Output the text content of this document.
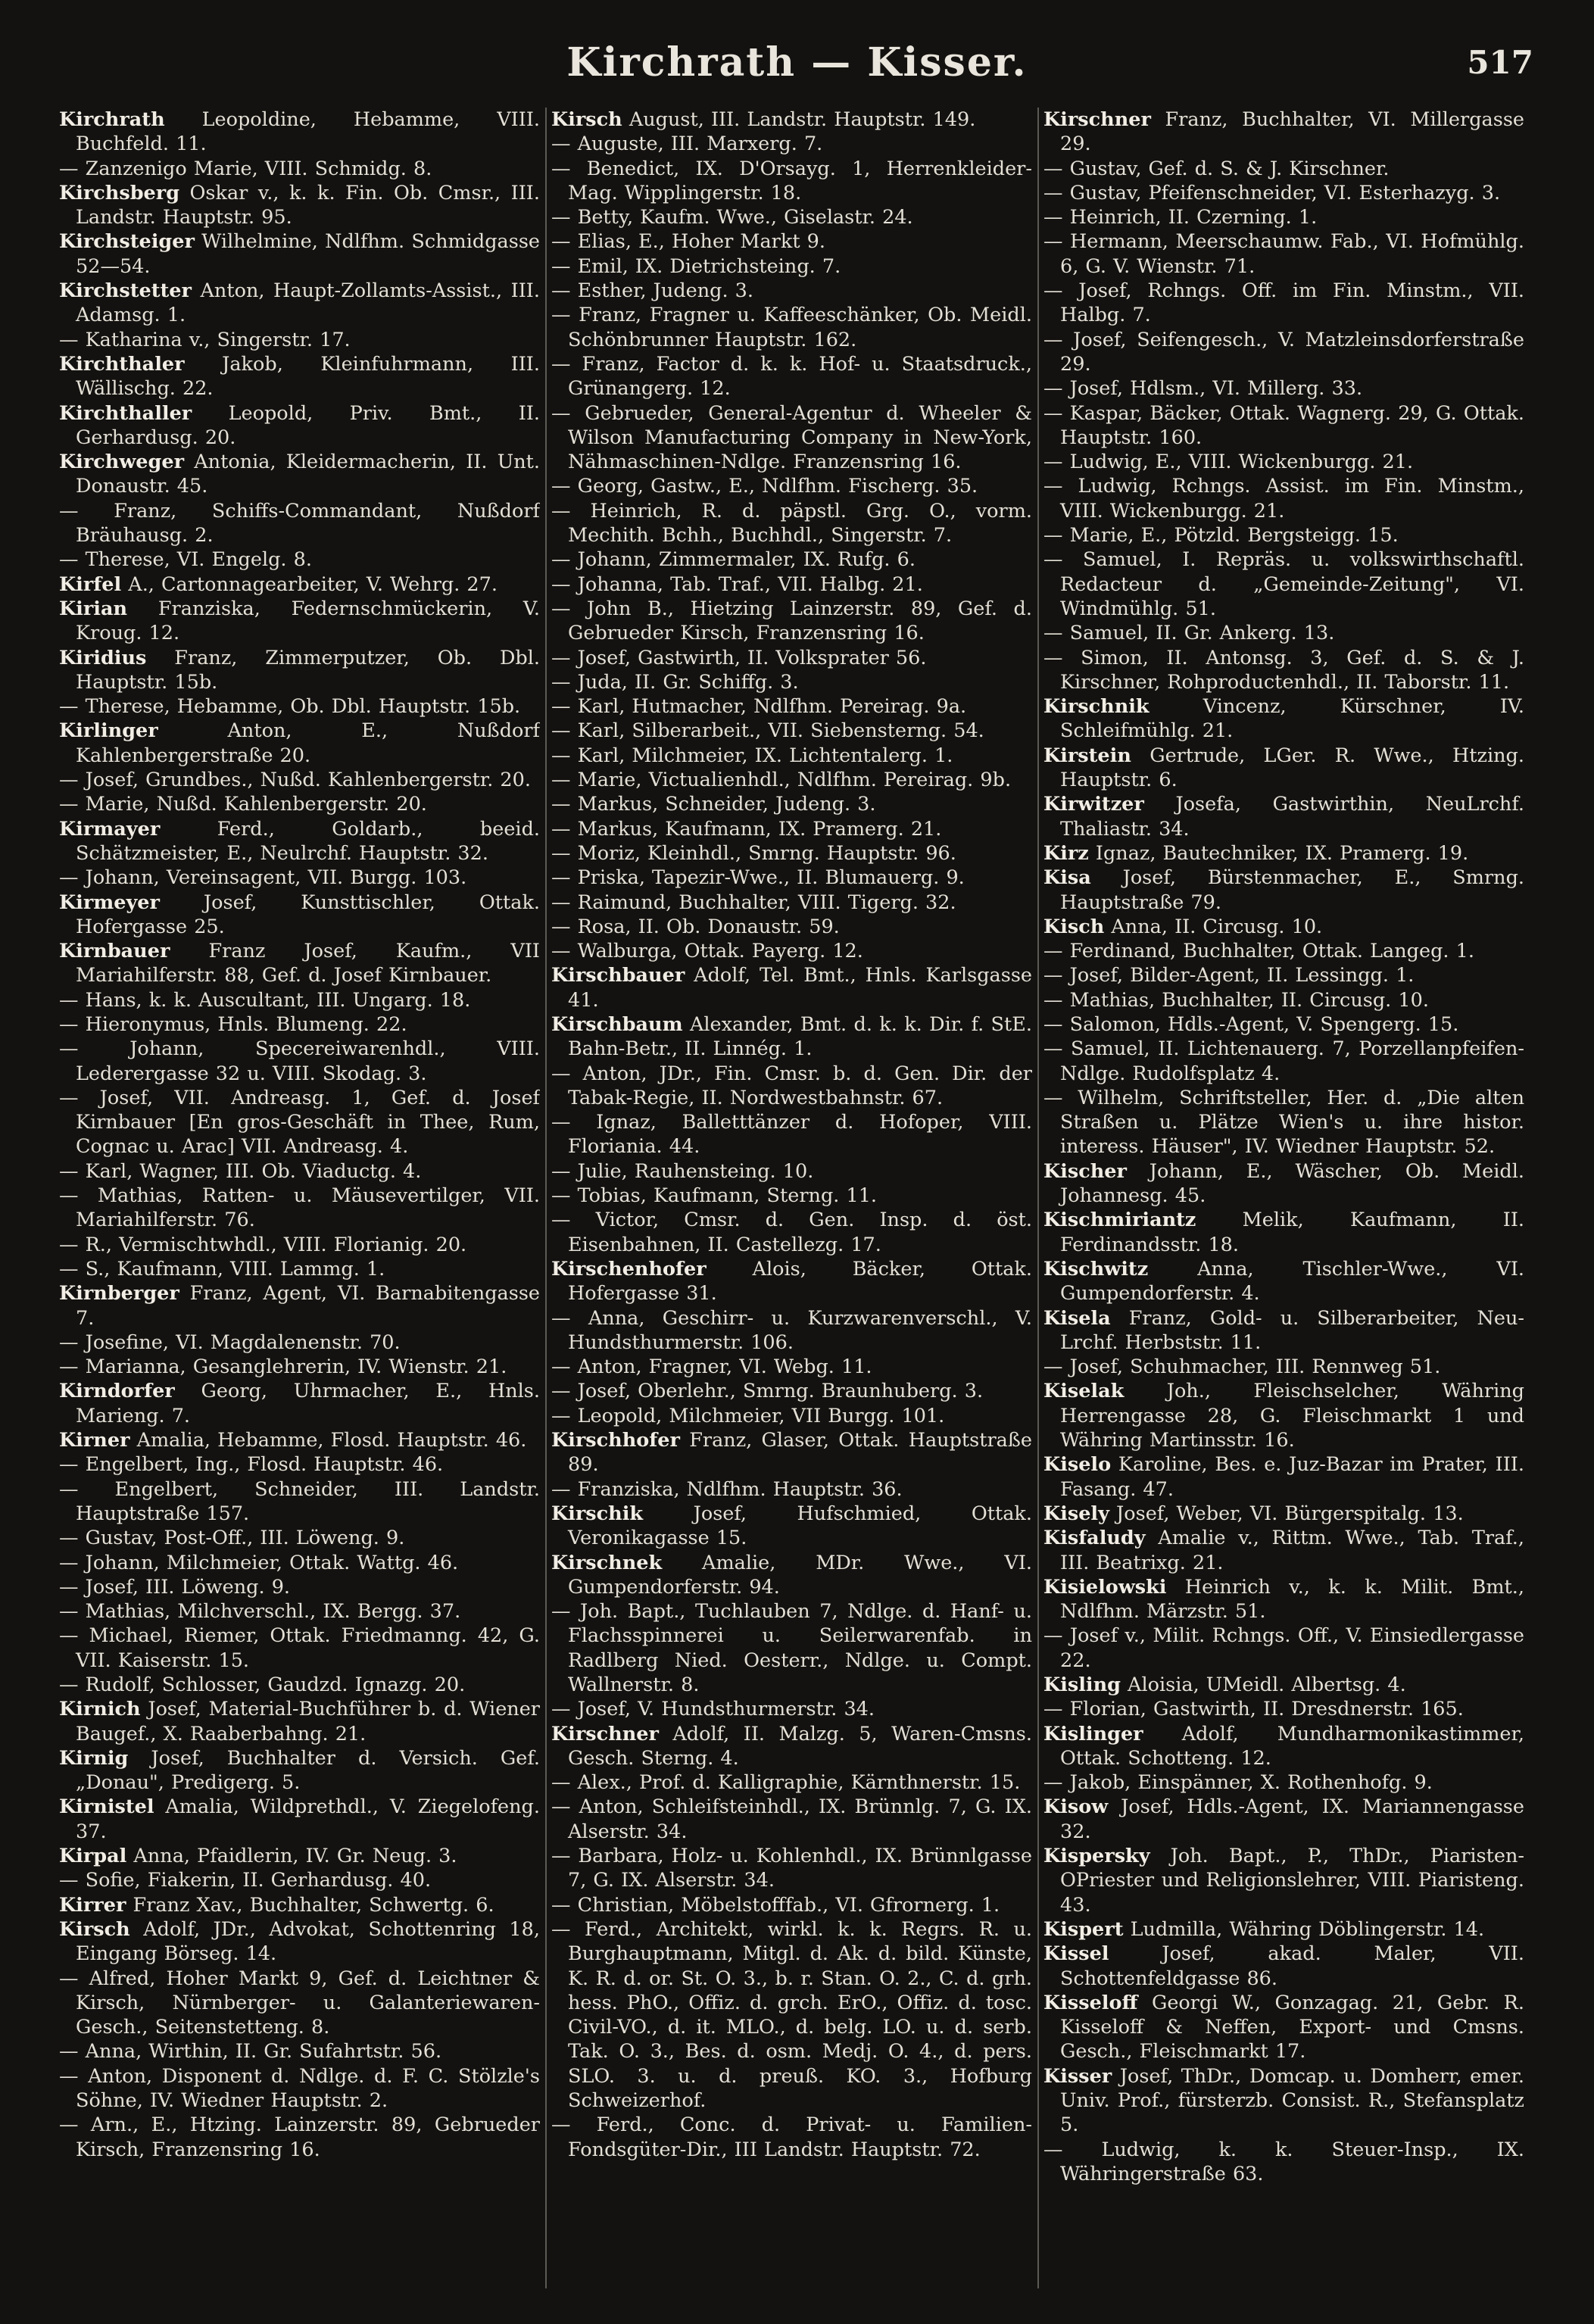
Kirchrath — Kisser.	517

Kirchrath Leopoldine, Hebamme, VIII. Buchfeld. 11.

— Zanzenigo Marie, VIII. Schmidg. 8.

Kirchsberg Oskar v., k. k. Fin. Ob. Cmsr., III. Landstr. Hauptstr. 95.

Kirchsteiger Wilhelmine, Ndlfhm. Schmidgasse 52—54.

Kirchstetter Anton, Haupt-Zollamts-Assist., III. Adamsg. 1.

— Katharina v., Singerstr. 17.

Kirchthaler Jakob, Kleinfuhrmann, III. Wällischg. 22.

Kirchthaller Leopold, Priv. Bmt., II. Gerhardusg. 20.

Kirchweger Antonia, Kleidermacherin, II. Unt. Donaustr. 45.

— Franz, Schiffs-Commandant, Nußdorf Bräuhausg. 2.

— Therese, VI. Engelg. 8.

Kirfel A., Cartonnagearbeiter, V. Wehrg. 27.

Kirian Franziska, Federnschmückerin, V. Kroug. 12.

Kiridius Franz, Zimmerputzer, Ob. Dbl. Hauptstr. 15b.

— Therese, Hebamme, Ob. Dbl. Hauptstr. 15b.

Kirlinger Anton, E., Nußdorf Kahlenbergerstraße 20.

— Josef, Grundbes., Nußd. Kahlenbergerstr. 20.

— Marie, Nußd. Kahlenbergerstr. 20.

Kirmayer Ferd., Goldarb., beeid. Schätzmeister, E., Neulrchf. Hauptstr. 32.

— Johann, Vereinsagent, VII. Burgg. 103.

Kirmeyer Josef, Kunsttischler, Ottak. Hofergasse 25.

Kirnbauer Franz Josef, Kaufm., VII Mariahilferstr. 88, Gef. d. Josef Kirnbauer.

— Hans, k. k. Auscultant, III. Ungarg. 18.

— Hieronymus, Hnls. Blumeng. 22.

— Johann, Specereiwarenhdl., VIII. Lederergasse 32 u. VIII. Skodag. 3.

— Josef, VII. Andreasg. 1, Gef. d. Josef Kirnbauer [En gros-Geschäft in Thee, Rum, Cognac u. Arac] VII. Andreasg. 4.

— Karl, Wagner, III. Ob. Viaductg. 4.

— Mathias, Ratten- u. Mäusevertilger, VII. Mariahilferstr. 76.

— R., Vermischtwhdl., VIII. Florianig. 20.

— S., Kaufmann, VIII. Lammg. 1.

Kirnberger Franz, Agent, VI. Barnabitengasse 7.

— Josefine, VI. Magdalenenstr. 70.

— Marianna, Gesanglehrerin, IV. Wienstr. 21.

Kirndorfer Georg, Uhrmacher, E., Hnls. Marieng. 7.

Kirner Amalia, Hebamme, Flosd. Hauptstr. 46.

— Engelbert, Ing., Flosd. Hauptstr. 46.

— Engelbert, Schneider, III. Landstr. Hauptstraße 157.

— Gustav, Post-Off., III. Löweng. 9.

— Johann, Milchmeier, Ottak. Wattg. 46.

— Josef, III. Löweng. 9.

— Mathias, Milchverschl., IX. Bergg. 37.

— Michael, Riemer, Ottak. Friedmanng. 42, G. VII. Kaiserstr. 15.

— Rudolf, Schlosser, Gaudzd. Ignazg. 20.

Kirnich Josef, Material-Buchführer b. d. Wiener Baugef., X. Raaberbahng. 21.

Kirnig Josef, Buchhalter d. Versich. Gef. „Donau", Predigerg. 5.

Kirnistel Amalia, Wildprethdl., V. Ziegelofeng. 37.

Kirpal Anna, Pfaidlerin, IV. Gr. Neug. 3.

— Sofie, Fiakerin, II. Gerhardusg. 40.

Kirrer Franz Xav., Buchhalter, Schwertg. 6.

Kirsch Adolf, JDr., Advokat, Schottenring 18, Eingang Börseg. 14.

— Alfred, Hoher Markt 9, Gef. d. Leichtner & Kirsch, Nürnberger- u. Galanteriewaren-Gesch., Seitenstetteng. 8.

— Anna, Wirthin, II. Gr. Sufahrtstr. 56.

— Anton, Disponent d. Ndlge. d. F. C. Stölzle's Söhne, IV. Wiedner Hauptstr. 2.

— Arn., E., Htzing. Lainzerstr. 89, Gebrueder Kirsch, Franzensring 16.

Kirsch August, III. Landstr. Hauptstr. 149.

— Auguste, III. Marxerg. 7.

— Benedict, IX. D'Orsayg. 1, Herrenkleider-Mag. Wipplingerstr. 18.

— Betty, Kaufm. Wwe., Giselastr. 24.

— Elias, E., Hoher Markt 9.

— Emil, IX. Dietrichsteing. 7.

— Esther, Judeng. 3.

— Franz, Fragner u. Kaffeeschänker, Ob. Meidl. Schönbrunner Hauptstr. 162.

— Franz, Factor d. k. k. Hof- u. Staatsdruck., Grünangerg. 12.

— Gebrueder, General-Agentur d. Wheeler & Wilson Manufacturing Company in New-York, Nähmaschinen-Ndlge. Franzensring 16.

— Georg, Gastw., E., Ndlfhm. Fischerg. 35.

— Heinrich, R. d. päpstl. Grg. O., vorm. Mechith. Bchh., Buchhdl., Singerstr. 7.

— Johann, Zimmermaler, IX. Rufg. 6.

— Johanna, Tab. Traf., VII. Halbg. 21.

— John B., Hietzing Lainzerstr. 89, Gef. d. Gebrueder Kirsch, Franzensring 16.

— Josef, Gastwirth, II. Volksprater 56.

— Juda, II. Gr. Schiffg. 3.

— Karl, Hutmacher, Ndlfhm. Pereirag. 9a.

— Karl, Silberarbeit., VII. Siebensterng. 54.

— Karl, Milchmeier, IX. Lichtentalerg. 1.

— Marie, Victualienhdl., Ndlfhm. Pereirag. 9b.

— Markus, Schneider, Judeng. 3.

— Markus, Kaufmann, IX. Pramerg. 21.

— Moriz, Kleinhdl., Smrng. Hauptstr. 96.

— Priska, Tapezir-Wwe., II. Blumauerg. 9.

— Raimund, Buchhalter, VIII. Tigerg. 32.

— Rosa, II. Ob. Donaustr. 59.

— Walburga, Ottak. Payerg. 12.

Kirschbauer Adolf, Tel. Bmt., Hnls. Karlsgasse 41.

Kirschbaum Alexander, Bmt. d. k. k. Dir. f. StE. Bahn-Betr., II. Linnég. 1.

— Anton, JDr., Fin. Cmsr. b. d. Gen. Dir. der Tabak-Regie, II. Nordwestbahnstr. 67.

— Ignaz, Balletttänzer d. Hofoper, VIII. Floriania. 44.

— Julie, Rauhensteing. 10.

— Tobias, Kaufmann, Sterng. 11.

— Victor, Cmsr. d. Gen. Insp. d. öst. Eisenbahnen, II. Castellezg. 17.

Kirschenhofer Alois, Bäcker, Ottak. Hofergasse 31.

— Anna, Geschirr- u. Kurzwarenverschl., V. Hundsthurmerstr. 106.

— Anton, Fragner, VI. Webg. 11.

— Josef, Oberlehr., Smrng. Braunhuberg. 3.

— Leopold, Milchmeier, VII Burgg. 101.

Kirschhofer Franz, Glaser, Ottak. Hauptstraße 89.

— Franziska, Ndlfhm. Hauptstr. 36.

Kirschik Josef, Hufschmied, Ottak. Veronikagasse 15.

Kirschnek Amalie, MDr. Wwe., VI. Gumpendorferstr. 94.

— Joh. Bapt., Tuchlauben 7, Ndlge. d. Hanf- u. Flachsspinnerei u. Seilerwarenfab. in Radlberg Nied. Oesterr., Ndlge. u. Compt. Wallnerstr. 8.

— Josef, V. Hundsthurmerstr. 34.

Kirschner Adolf, II. Malzg. 5, Waren-Cmsns. Gesch. Sterng. 4.

— Alex., Prof. d. Kalligraphie, Kärnthnerstr. 15.

— Anton, Schleifsteinhdl., IX. Brünnlg. 7, G. IX. Alserstr. 34.

— Barbara, Holz- u. Kohlenhdl., IX. Brünnlgasse 7, G. IX. Alserstr. 34.

— Christian, Möbelstofffab., VI. Gfrornerg. 1.

— Ferd., Architekt, wirkl. k. k. Regrs. R. u. Burghauptmann, Mitgl. d. Ak. d. bild. Künste, K. R. d. or. St. O. 3., b. r. Stan. O. 2., C. d. grh. hess. PhO., Offiz. d. grch. ErO., Offiz. d. tosc. Civil-VO., d. it. MLO., d. belg. LO. u. d. serb. Tak. O. 3., Bes. d. osm. Medj. O. 4., d. pers. SLO. 3. u. d. preuß. KO. 3., Hofburg Schweizerhof.

— Ferd., Conc. d. Privat- u. Familien-Fondsgüter-Dir., III Landstr. Hauptstr. 72.

Kirschner Franz, Buchhalter, VI. Millergasse 29.

— Gustav, Gef. d. S. & J. Kirschner.

— Gustav, Pfeifenschneider, VI. Esterhazyg. 3.

— Heinrich, II. Czerning. 1.

— Hermann, Meerschaumw. Fab., VI. Hofmühlg. 6, G. V. Wienstr. 71.

— Josef, Rchngs. Off. im Fin. Minstm., VII. Halbg. 7.

— Josef, Seifengesch., V. Matzleinsdorferstraße 29.

— Josef, Hdlsm., VI. Millerg. 33.

— Kaspar, Bäcker, Ottak. Wagnerg. 29, G. Ottak. Hauptstr. 160.

— Ludwig, E., VIII. Wickenburgg. 21.

— Ludwig, Rchngs. Assist. im Fin. Minstm., VIII. Wickenburgg. 21.

— Marie, E., Pötzld. Bergsteigg. 15.

— Samuel, I. Repräs. u. volkswirthschaftl. Redacteur d. „Gemeinde-Zeitung", VI. Windmühlg. 51.

— Samuel, II. Gr. Ankerg. 13.

— Simon, II. Antonsg. 3, Gef. d. S. & J. Kirschner, Rohproductenhdl., II. Taborstr. 11.

Kirschnik Vincenz, Kürschner, IV. Schleifmühlg. 21.

Kirstein Gertrude, LGer. R. Wwe., Htzing. Hauptstr. 6.

Kirwitzer Josefa, Gastwirthin, NeuLrchf. Thaliastr. 34.

Kirz Ignaz, Bautechniker, IX. Pramerg. 19.

Kisa Josef, Bürstenmacher, E., Smrng. Hauptstraße 79.

Kisch Anna, II. Circusg. 10.

— Ferdinand, Buchhalter, Ottak. Langeg. 1.

— Josef, Bilder-Agent, II. Lessingg. 1.

— Mathias, Buchhalter, II. Circusg. 10.

— Salomon, Hdls.-Agent, V. Spengerg. 15.

— Samuel, II. Lichtenauerg. 7, Porzellanpfeifen-Ndlge. Rudolfsplatz 4.

— Wilhelm, Schriftsteller, Her. d. „Die alten Straßen u. Plätze Wien's u. ihre histor. interess. Häuser", IV. Wiedner Hauptstr. 52.

Kischer Johann, E., Wäscher, Ob. Meidl. Johannesg. 45.

Kischmiriantz Melik, Kaufmann, II. Ferdinandsstr. 18.

Kischwitz Anna, Tischler-Wwe., VI. Gumpendorferstr. 4.

Kisela Franz, Gold- u. Silberarbeiter, Neu-Lrchf. Herbststr. 11.

— Josef, Schuhmacher, III. Rennweg 51.

Kiselak Joh., Fleischselcher, Währing Herrengasse 28, G. Fleischmarkt 1 und Währing Martinsstr. 16.

Kiselo Karoline, Bes. e. Juz-Bazar im Prater, III. Fasang. 47.

Kisely Josef, Weber, VI. Bürgerspitalg. 13.

Kisfaludy Amalie v., Rittm. Wwe., Tab. Traf., III. Beatrixg. 21.

Kisielowski Heinrich v., k. k. Milit. Bmt., Ndlfhm. Märzstr. 51.

— Josef v., Milit. Rchngs. Off., V. Einsiedlergasse 22.

Kisling Aloisia, UMeidl. Albertsg. 4.

— Florian, Gastwirth, II. Dresdnerstr. 165.

Kislinger Adolf, Mundharmonikastimmer, Ottak. Schotteng. 12.

— Jakob, Einspänner, X. Rothenhofg. 9.

Kisow Josef, Hdls.-Agent, IX. Mariannengasse 32.

Kispersky Joh. Bapt., P., ThDr., Piaristen-OPriester und Religionslehrer, VIII. Piaristeng. 43.

Kispert Ludmilla, Währing Döblingerstr. 14.

Kissel Josef, akad. Maler, VII. Schottenfeldgasse 86.

Kisseloff Georgi W., Gonzagag. 21, Gebr. R. Kisseloff & Neffen, Export- und Cmsns. Gesch., Fleischmarkt 17.

Kisser Josef, ThDr., Domcap. u. Domherr, emer. Univ. Prof., fürsterzb. Consist. R., Stefansplatz 5.

— Ludwig, k. k. Steuer-Insp., IX. Währingerstraße 63.
